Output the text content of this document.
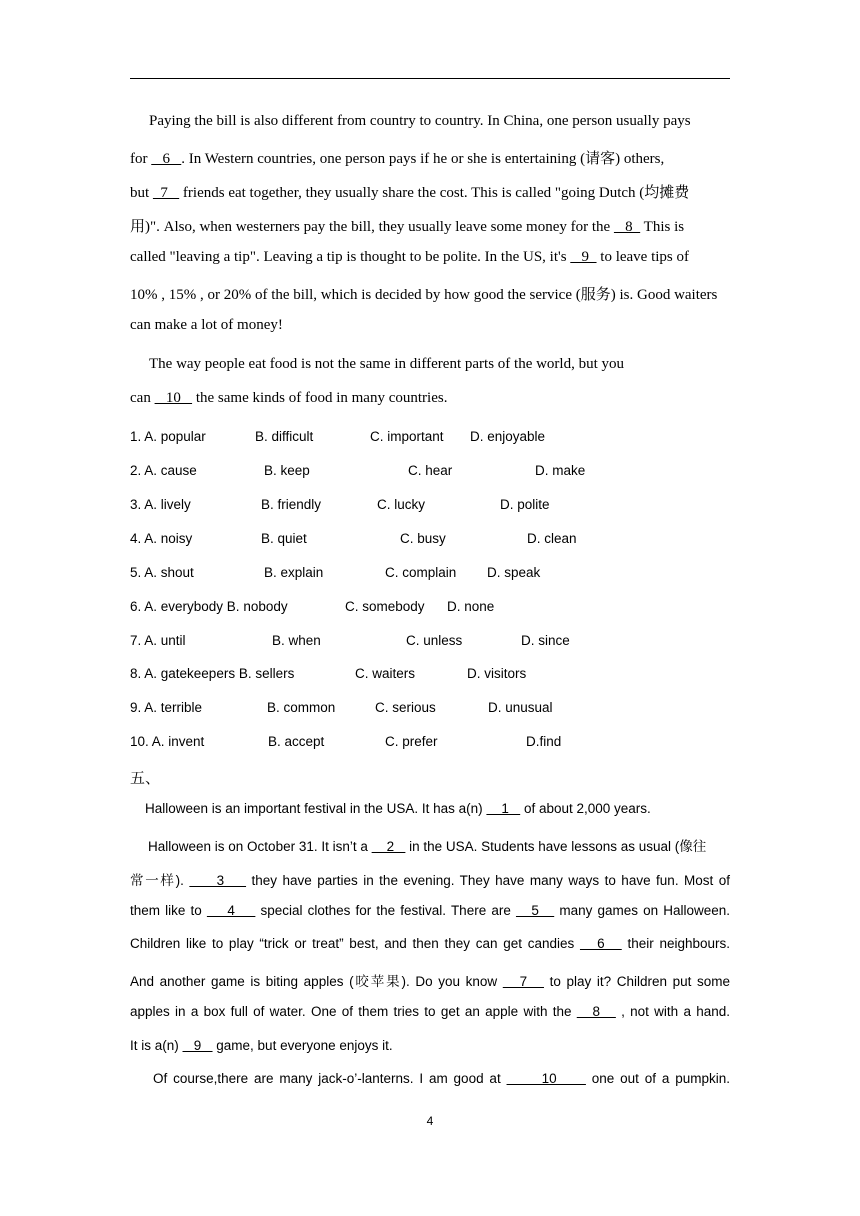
Paying the bill is also different from country to country. In China, one person usually pays
for    6   . In Western countries, one person pays if he or she is entertaining (请客) others,
but   7    friends eat together, they usually share the cost. This is called "going Dutch (均摊费
用)". Also, when westerners pay the bill, they usually leave some money for the    8   This is
called "leaving a tip". Leaving a tip is thought to be polite. In the US, it's    9   to leave tips of
10% , 15% , or 20% of the bill, which is decided by how good the service (服务) is. Good waiters
can make a lot of money!
The way people eat food is not the same in different parts of the world, but you
can    10    the same kinds of food in many countries.
1. A. popular	B. difficult	C. important D. enjoyable
2. A. cause	B. keep	C. hear	D. make
3. A. lively	B. friendly	C. lucky	D. polite
4. A. noisy	B. quiet	C. busy	D. clean
5. A. shout	B. explain	C. complain D. speak
6. A. everybody B. nobody	C. somebody D. none
7. A. until	B. when	C. unless	D. since
8. A. gatekeepers B. sellers	C. waiters	D. visitors
9. A. terrible	B. common	C. serious	D. unusual
10. A. invent	B. accept	C. prefer	D.find
五、
Halloween is an important festival in the USA. It has a(n)     1    of about 2,000 years.
Halloween is on October 31. It isn’t a     2    in the USA. Students have lessons as usual (像往
常一样).      3     they have parties in the evening. They have many ways to have fun. Most of
them like to     4     special clothes for the festival. There are    5    many games on Halloween.
Children like to play “trick or treat” best, and then they can get candies    6    their neighbours.
And another game is biting apples (咬苹果). Do you know    7    to play it? Children put some
apples in a box full of water. One of them tries to get an apple with the    8    , not with a hand.
It is a(n)    9    game, but everyone enjoys it.
Of course,there are many jack-o’-lanterns. I am good at       10      one out of a pumpkin.
4
